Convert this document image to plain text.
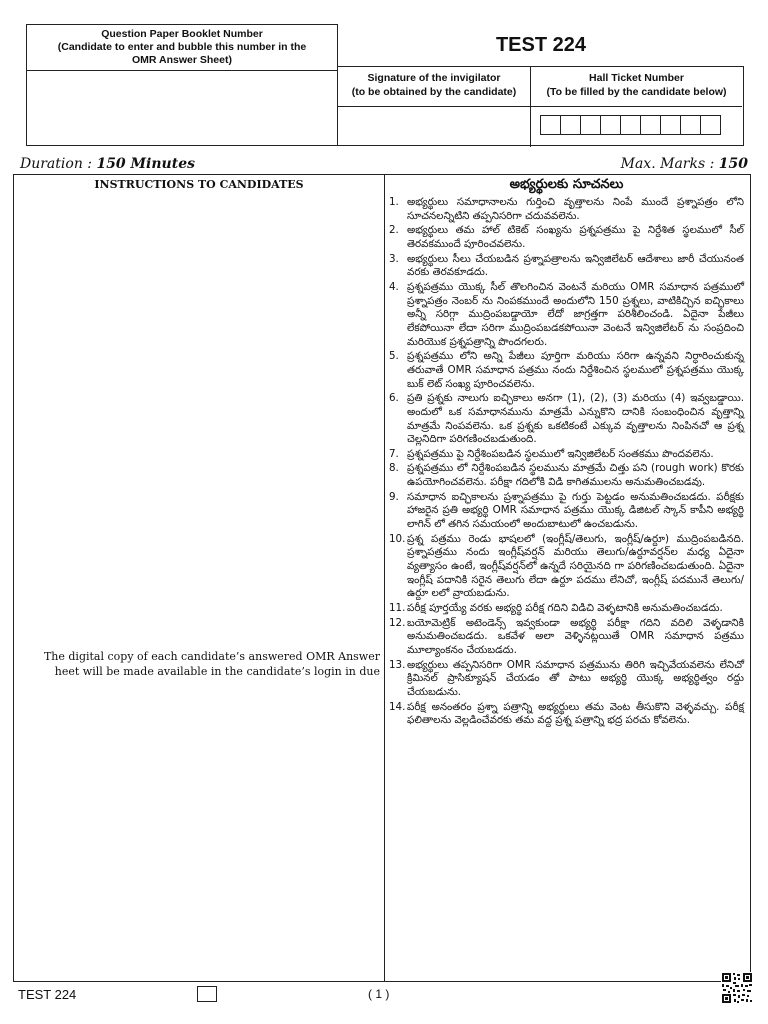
Question Paper Booklet Number
(Candidate to enter and bubble this number in the
OMR Answer Sheet)
TEST 224
Signature of the invigilator
(to be obtained by the candidate)
Hall Ticket Number
(To be filled by the candidate below)
Duration : 150 Minutes	Max. Marks : 150
INSTRUCTIONS TO CANDIDATES
The digital copy of each candidate’s answered OMR Answer
heet will be made available in the candidate’s login in due
అభ్యర్థులకు సూచనలు
1. అభ్యర్థులు సమాధానాలను గుర్తించి వృత్తాలను నింపే ముందే ప్రశ్నాపత్రం లోని సూచనలన్నిటిని తప్పనిసరిగా చదువవలెను.
2. అభ్యర్థులు తమ హాల్ టికెట్ సంఖ్యను ప్రశ్నపత్రము పై నిర్దేశిత స్థలములో సీల్ తెరవకముందే పూరించవలెను.
3. అభ్యర్థులు సీలు చేయబడిన ప్రశ్నాపత్రాలను ఇన్విజిలేటర్ ఆదేశాలు జారీ చేయునంత వరకు తెరవకూడదు.
4. ప్రశ్నపత్రము యొక్క సీల్ తొలగించిన వెంటనే మరియు OMR సమాధాన పత్రములో ప్రశ్నాపత్రం నెంబర్ ను నింపకముందే అందులోని 150 ప్రశ్నలు, వాటికిచ్చిన ఐచ్ఛికాలు అన్నీ సరిగ్గా ముద్రింపబడ్డాయో లేదో జాగ్రత్తగా పరిశీలించండి. ఏదైనా పేజీలు లేకపోయినా లేదా సరిగా ముద్రింపబడకపోయినా వెంటనే ఇన్విజిలేటర్ ను సంప్రదించి మరియొక ప్రశ్నపత్రాన్ని పొందగలరు.
5. ప్రశ్నపత్రము లోని అన్ని పేజీలు పూర్తిగా మరియు సరిగా ఉన్నవని నిర్ధారించుకున్న తరువాతే OMR సమాధాన పత్రము నందు నిర్దేశించిన స్థలములో ప్రశ్నపత్రము యొక్క బుక్ లెట్ సంఖ్య పూరించవలెను.
6. ప్రతి ప్రశ్నకు నాలుగు ఐచ్ఛికాలు అనగా (1), (2), (3) మరియు (4) ఇవ్వబడ్డాయి. అందులో ఒక సమాధానమును మాత్రమే ఎన్నుకొని దానికి సంబంధించిన వృత్తాన్ని మాత్రమే నింపవలెను. ఒక ప్రశ్నకు ఒకటికంటే ఎక్కువ వృత్తాలను నింపినచో ఆ ప్రశ్న చెల్లనిదిగా పరిగణించబడుతుంది.
7. ప్రశ్నపత్రము పై నిర్దేశింపబడిన స్థలములో ఇన్విజిలేటర్ సంతకము పొందవలెను.
8. ప్రశ్నపత్రము లో నిర్దేశింపబడిన స్థలమును మాత్రమే చిత్తు పని (rough work) కొరకు ఉపయోగించవలెను. పరీక్షా గదిలోకి విడి కాగితములను అనుమతించబడవు.
9. సమాధాన ఐచ్ఛికాలను ప్రశ్నాపత్రము పై గుర్తు పెట్టడం అనుమతించబడదు. పరీక్షకు హాజరైన ప్రతి అభ్యర్థి OMR సమాధాన పత్రము యొక్క డిజిటల్ స్కాన్ కాపీని అభ్యర్థి లాగిన్ లో తగిన సమయంలో అందుబాటులో ఉంచబడును.
10. ప్రశ్న పత్రము రెండు భాషలలో (ఇంగ్లీష్/తెలుగు, ఇంగ్లీష్/ఉర్దూ) ముద్రింపబడినది. ప్రశ్నాపత్రము నందు ఇంగ్లీష్‌వర్షన్ మరియు తెలుగు/ఉర్దూవర్షన్‌ల మధ్య ఏదైనా వ్యత్యాసం ఉంటే, ఇంగ్లీష్‌వర్షన్‌లో ఉన్నదే సరియైనది గా పరిగణించబడుతుంది. ఏదైనా ఇంగ్లీష్ పదానికి సరైన తెలుగు లేదా ఉర్దూ పదము లేనిచో, ఇంగ్లీష్ పదమునే తెలుగు/ఉర్దూ లలో వ్రాయబడును.
11. పరీక్ష పూర్తయ్యే వరకు అభ్యర్థి పరీక్ష గదిని విడిచి వెళ్ళటానికి అనుమతించబడదు.
12. బయోమెట్రిక్ అటెండెన్స్ ఇవ్వకుండా అభ్యర్థి పరీక్షా గదిని వదిలి వెళ్ళడానికి అనుమతించబడదు. ఒకవేళ అలా వెళ్ళినట్లయితే OMR సమాధాన పత్రము మూల్యాంకనం చేయబడదు.
13. అభ్యర్థులు తప్పనిసరిగా OMR సమాధాన పత్రమును తిరిగి ఇచ్చివేయవలెను లేనిచో క్రిమినల్ ప్రాసిక్యూషన్ చేయడం తో పాటు అభ్యర్థి యొక్క అభ్యర్థిత్వం రద్దు చేయబడును.
14. పరీక్ష అనంతరం ప్రశ్నా పత్రాన్ని అభ్యర్థులు తమ వెంట తీసుకొని వెళ్ళవచ్చు. పరీక్ష ఫలితాలను వెల్లడించేవరకు తమ వద్ద ప్రశ్న పత్రాన్ని భద్ర పరచు కోవలెను.
TEST 224	( 1 )
